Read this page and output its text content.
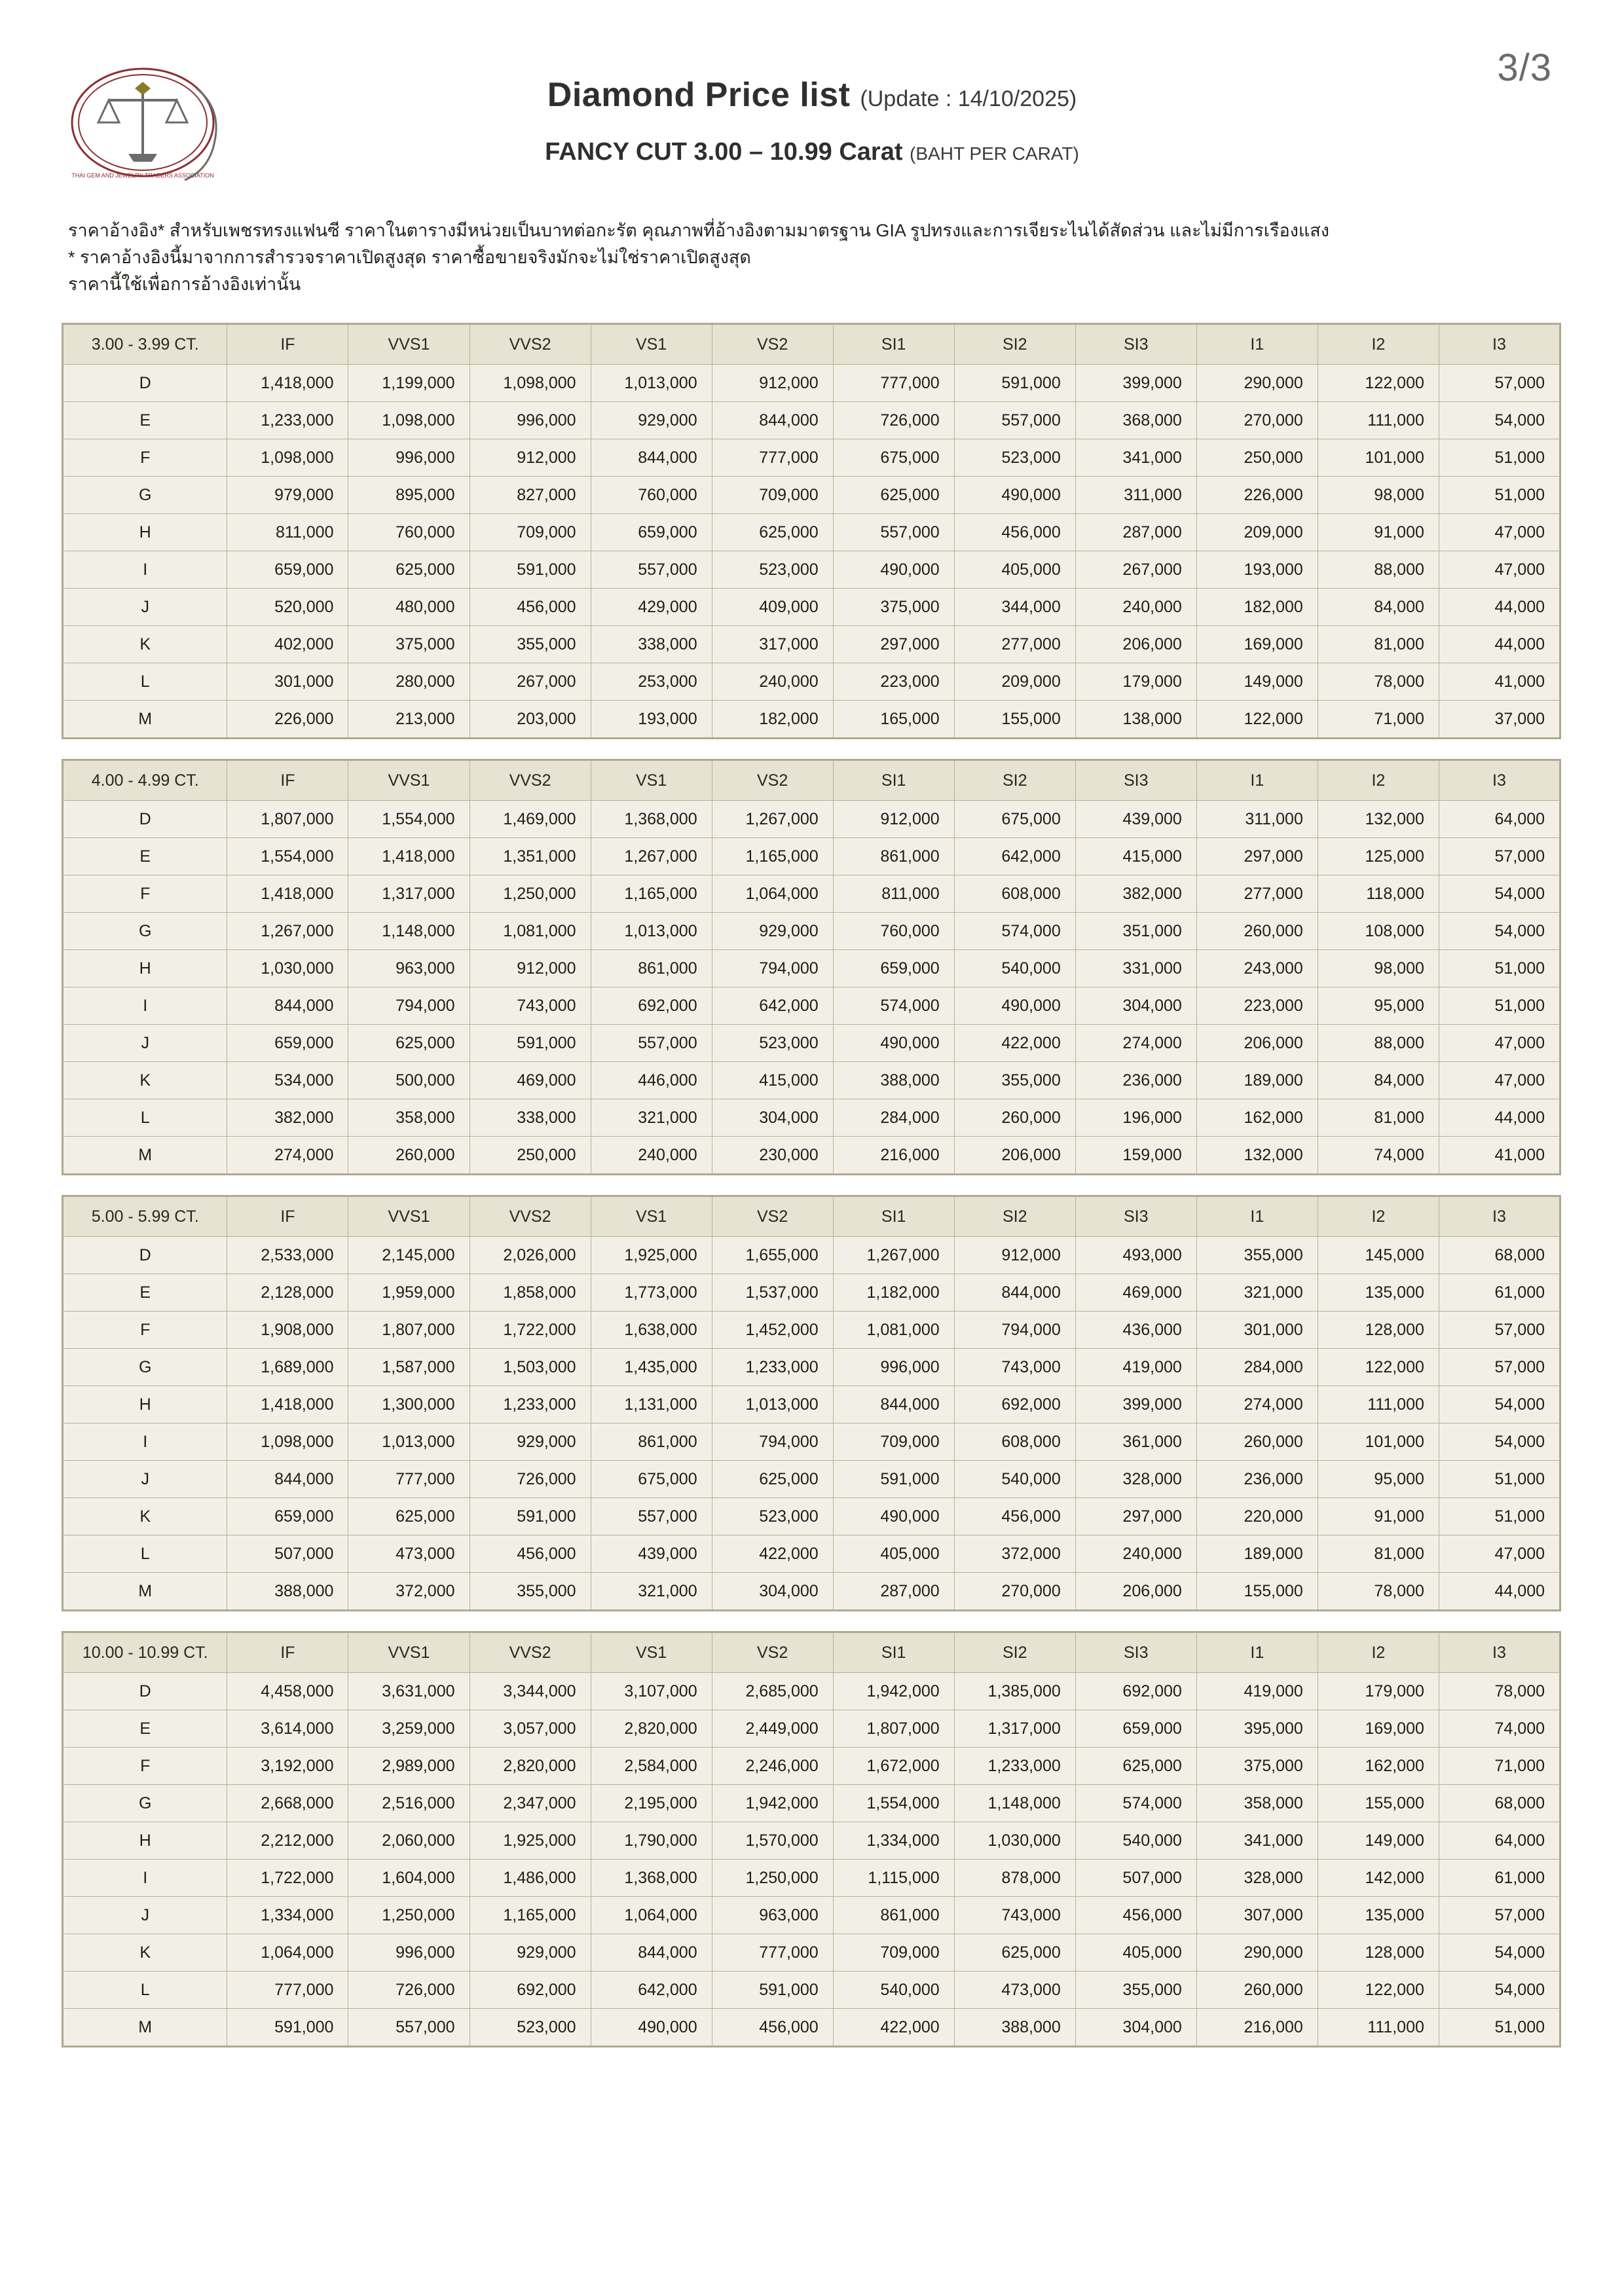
3/3
THAI GEM AND JEWELRY TRADERS ASSOCIATION
Diamond Price list (Update : 14/10/2025)
FANCY CUT 3.00 – 10.99 Carat (BAHT PER CARAT)
ราคาอ้างอิง* สำหรับเพชรทรงแฟนซี ราคาในตารางมีหน่วยเป็นบาทต่อกะรัต คุณภาพที่อ้างอิงตามมาตรฐาน GIA รูปทรงและการเจียระไนได้สัดส่วน และไม่มีการเรืองแสง
* ราคาอ้างอิงนี้มาจากการสำรวจราคาเปิดสูงสุด ราคาซื้อขายจริงมักจะไม่ใช่ราคาเปิดสูงสุด
ราคานี้ใช้เพื่อการอ้างอิงเท่านั้น
3.00 - 3.99 CT.	IF	VVS1	VVS2	VS1	VS2	SI1	SI2	SI3	I1	I2	I3
D	1,418,000	1,199,000	1,098,000	1,013,000	912,000	777,000	591,000	399,000	290,000	122,000	57,000
E	1,233,000	1,098,000	996,000	929,000	844,000	726,000	557,000	368,000	270,000	111,000	54,000
F	1,098,000	996,000	912,000	844,000	777,000	675,000	523,000	341,000	250,000	101,000	51,000
G	979,000	895,000	827,000	760,000	709,000	625,000	490,000	311,000	226,000	98,000	51,000
H	811,000	760,000	709,000	659,000	625,000	557,000	456,000	287,000	209,000	91,000	47,000
I	659,000	625,000	591,000	557,000	523,000	490,000	405,000	267,000	193,000	88,000	47,000
J	520,000	480,000	456,000	429,000	409,000	375,000	344,000	240,000	182,000	84,000	44,000
K	402,000	375,000	355,000	338,000	317,000	297,000	277,000	206,000	169,000	81,000	44,000
L	301,000	280,000	267,000	253,000	240,000	223,000	209,000	179,000	149,000	78,000	41,000
M	226,000	213,000	203,000	193,000	182,000	165,000	155,000	138,000	122,000	71,000	37,000
4.00 - 4.99 CT.	IF	VVS1	VVS2	VS1	VS2	SI1	SI2	SI3	I1	I2	I3
D	1,807,000	1,554,000	1,469,000	1,368,000	1,267,000	912,000	675,000	439,000	311,000	132,000	64,000
E	1,554,000	1,418,000	1,351,000	1,267,000	1,165,000	861,000	642,000	415,000	297,000	125,000	57,000
F	1,418,000	1,317,000	1,250,000	1,165,000	1,064,000	811,000	608,000	382,000	277,000	118,000	54,000
G	1,267,000	1,148,000	1,081,000	1,013,000	929,000	760,000	574,000	351,000	260,000	108,000	54,000
H	1,030,000	963,000	912,000	861,000	794,000	659,000	540,000	331,000	243,000	98,000	51,000
I	844,000	794,000	743,000	692,000	642,000	574,000	490,000	304,000	223,000	95,000	51,000
J	659,000	625,000	591,000	557,000	523,000	490,000	422,000	274,000	206,000	88,000	47,000
K	534,000	500,000	469,000	446,000	415,000	388,000	355,000	236,000	189,000	84,000	47,000
L	382,000	358,000	338,000	321,000	304,000	284,000	260,000	196,000	162,000	81,000	44,000
M	274,000	260,000	250,000	240,000	230,000	216,000	206,000	159,000	132,000	74,000	41,000
5.00 - 5.99 CT.	IF	VVS1	VVS2	VS1	VS2	SI1	SI2	SI3	I1	I2	I3
D	2,533,000	2,145,000	2,026,000	1,925,000	1,655,000	1,267,000	912,000	493,000	355,000	145,000	68,000
E	2,128,000	1,959,000	1,858,000	1,773,000	1,537,000	1,182,000	844,000	469,000	321,000	135,000	61,000
F	1,908,000	1,807,000	1,722,000	1,638,000	1,452,000	1,081,000	794,000	436,000	301,000	128,000	57,000
G	1,689,000	1,587,000	1,503,000	1,435,000	1,233,000	996,000	743,000	419,000	284,000	122,000	57,000
H	1,418,000	1,300,000	1,233,000	1,131,000	1,013,000	844,000	692,000	399,000	274,000	111,000	54,000
I	1,098,000	1,013,000	929,000	861,000	794,000	709,000	608,000	361,000	260,000	101,000	54,000
J	844,000	777,000	726,000	675,000	625,000	591,000	540,000	328,000	236,000	95,000	51,000
K	659,000	625,000	591,000	557,000	523,000	490,000	456,000	297,000	220,000	91,000	51,000
L	507,000	473,000	456,000	439,000	422,000	405,000	372,000	240,000	189,000	81,000	47,000
M	388,000	372,000	355,000	321,000	304,000	287,000	270,000	206,000	155,000	78,000	44,000
10.00 - 10.99 CT.	IF	VVS1	VVS2	VS1	VS2	SI1	SI2	SI3	I1	I2	I3
D	4,458,000	3,631,000	3,344,000	3,107,000	2,685,000	1,942,000	1,385,000	692,000	419,000	179,000	78,000
E	3,614,000	3,259,000	3,057,000	2,820,000	2,449,000	1,807,000	1,317,000	659,000	395,000	169,000	74,000
F	3,192,000	2,989,000	2,820,000	2,584,000	2,246,000	1,672,000	1,233,000	625,000	375,000	162,000	71,000
G	2,668,000	2,516,000	2,347,000	2,195,000	1,942,000	1,554,000	1,148,000	574,000	358,000	155,000	68,000
H	2,212,000	2,060,000	1,925,000	1,790,000	1,570,000	1,334,000	1,030,000	540,000	341,000	149,000	64,000
I	1,722,000	1,604,000	1,486,000	1,368,000	1,250,000	1,115,000	878,000	507,000	328,000	142,000	61,000
J	1,334,000	1,250,000	1,165,000	1,064,000	963,000	861,000	743,000	456,000	307,000	135,000	57,000
K	1,064,000	996,000	929,000	844,000	777,000	709,000	625,000	405,000	290,000	128,000	54,000
L	777,000	726,000	692,000	642,000	591,000	540,000	473,000	355,000	260,000	122,000	54,000
M	591,000	557,000	523,000	490,000	456,000	422,000	388,000	304,000	216,000	111,000	51,000
